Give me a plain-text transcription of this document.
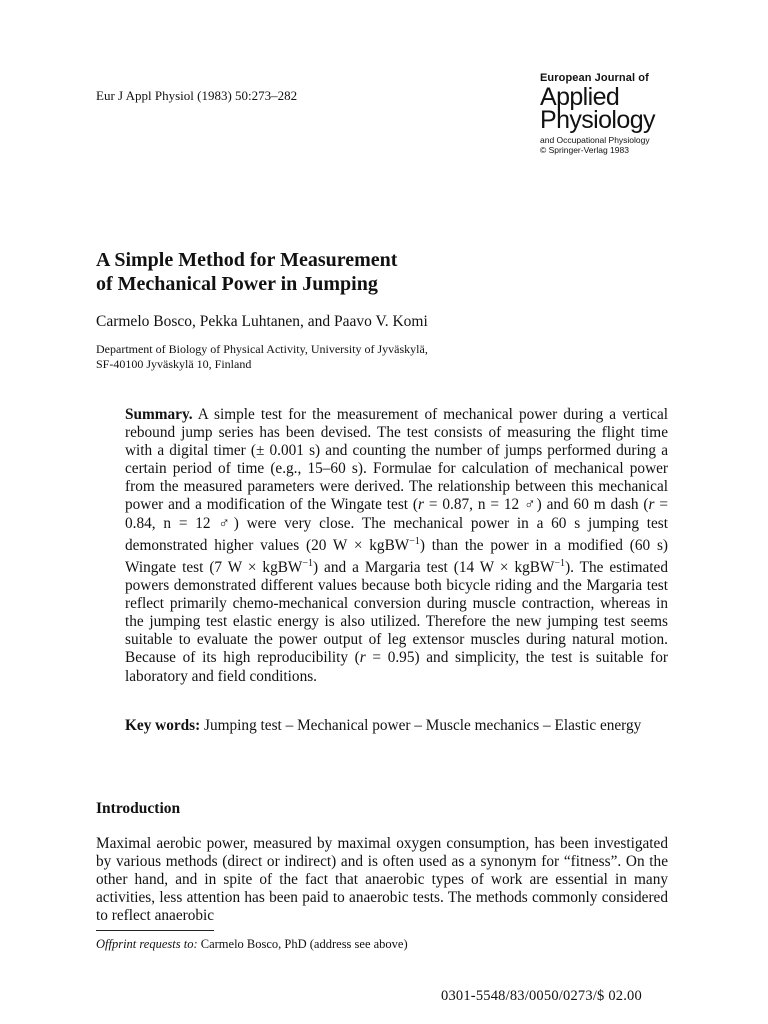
Eur J Appl Physiol (1983) 50:273–282
European Journal of
Applied
Physiology
and Occupational Physiology
© Springer-Verlag 1983
A Simple Method for Measurement
of Mechanical Power in Jumping
Carmelo Bosco, Pekka Luhtanen, and Paavo V. Komi
Department of Biology of Physical Activity, University of Jyväskylä,
SF-40100 Jyväskylä 10, Finland
Summary. A simple test for the measurement of mechanical power during a vertical rebound jump series has been devised. The test consists of measuring the flight time with a digital timer (± 0.001 s) and counting the number of jumps performed during a certain period of time (e.g., 15–60 s). Formulae for calculation of mechanical power from the measured parameters were derived. The relationship between this mechanical power and a modification of the Wingate test (r = 0.87, n = 12 ♂) and 60 m dash (r = 0.84, n = 12 ♂) were very close. The mechanical power in a 60 s jumping test demonstrated higher values (20 W × kgBW$^{-1}$) than the power in a modified (60 s) Wingate test (7 W × kgBW$^{-1}$) and a Margaria test (14 W × kgBW$^{-1}$). The estimated powers demonstrated different values because both bicycle riding and the Margaria test reflect primarily chemo-mechanical conversion during muscle contraction, whereas in the jumping test elastic energy is also utilized. Therefore the new jumping test seems suitable to evaluate the power output of leg extensor muscles during natural motion. Because of its high reproducibility (r = 0.95) and simplicity, the test is suitable for laboratory and field conditions.
Key words: Jumping test – Mechanical power – Muscle mechanics – Elastic energy
Introduction
Maximal aerobic power, measured by maximal oxygen consumption, has been investigated by various methods (direct or indirect) and is often used as a synonym for “fitness”. On the other hand, and in spite of the fact that anaerobic types of work are essential in many activities, less attention has been paid to anaerobic tests. The methods commonly considered to reflect anaerobic
Offprint requests to: Carmelo Bosco, PhD (address see above)
0301-5548/83/0050/0273/$ 02.00
